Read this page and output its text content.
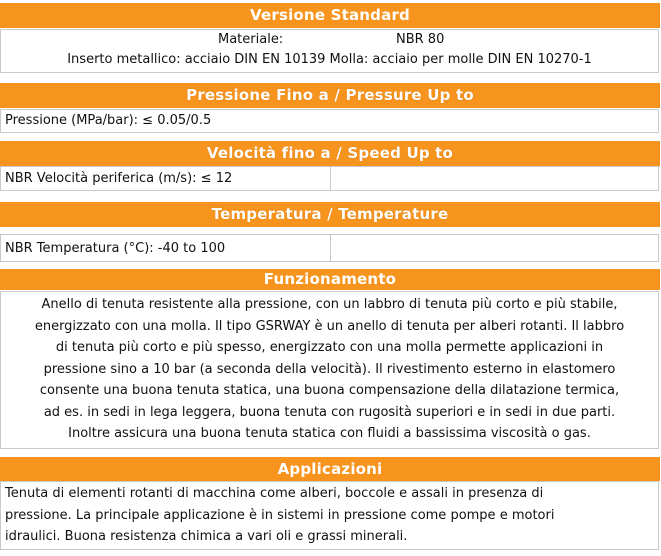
Versione Standard
Materiale:	NBR 80
Inserto metallico: acciaio DIN EN 10139 Molla: acciaio per molle DIN EN 10270-1
Pressione Fino a / Pressure Up to
Pressione (MPa/bar): ≤ 0.05/0.5
Velocità fino a / Speed Up to
NBR Velocità periferica (m/s): ≤ 12
Temperatura / Temperature
NBR Temperatura (°C): -40 to 100
Funzionamento
Anello di tenuta resistente alla pressione, con un labbro di tenuta più corto e più stabile,
energizzato con una molla. Il tipo GSRWAY è un anello di tenuta per alberi rotanti. Il labbro
di tenuta più corto e più spesso, energizzato con una molla permette applicazioni in
pressione sino a 10 bar (a seconda della velocità). Il rivestimento esterno in elastomero
consente una buona tenuta statica, una buona compensazione della dilatazione termica,
ad es. in sedi in lega leggera, buona tenuta con rugosità superiori e in sedi in due parti.
Inoltre assicura una buona tenuta statica con fluidi a bassissima viscosità o gas.
Applicazioni
Tenuta di elementi rotanti di macchina come alberi, boccole e assali in presenza di
pressione. La principale applicazione è in sistemi in pressione come pompe e motori
idraulici. Buona resistenza chimica a vari oli e grassi minerali.
